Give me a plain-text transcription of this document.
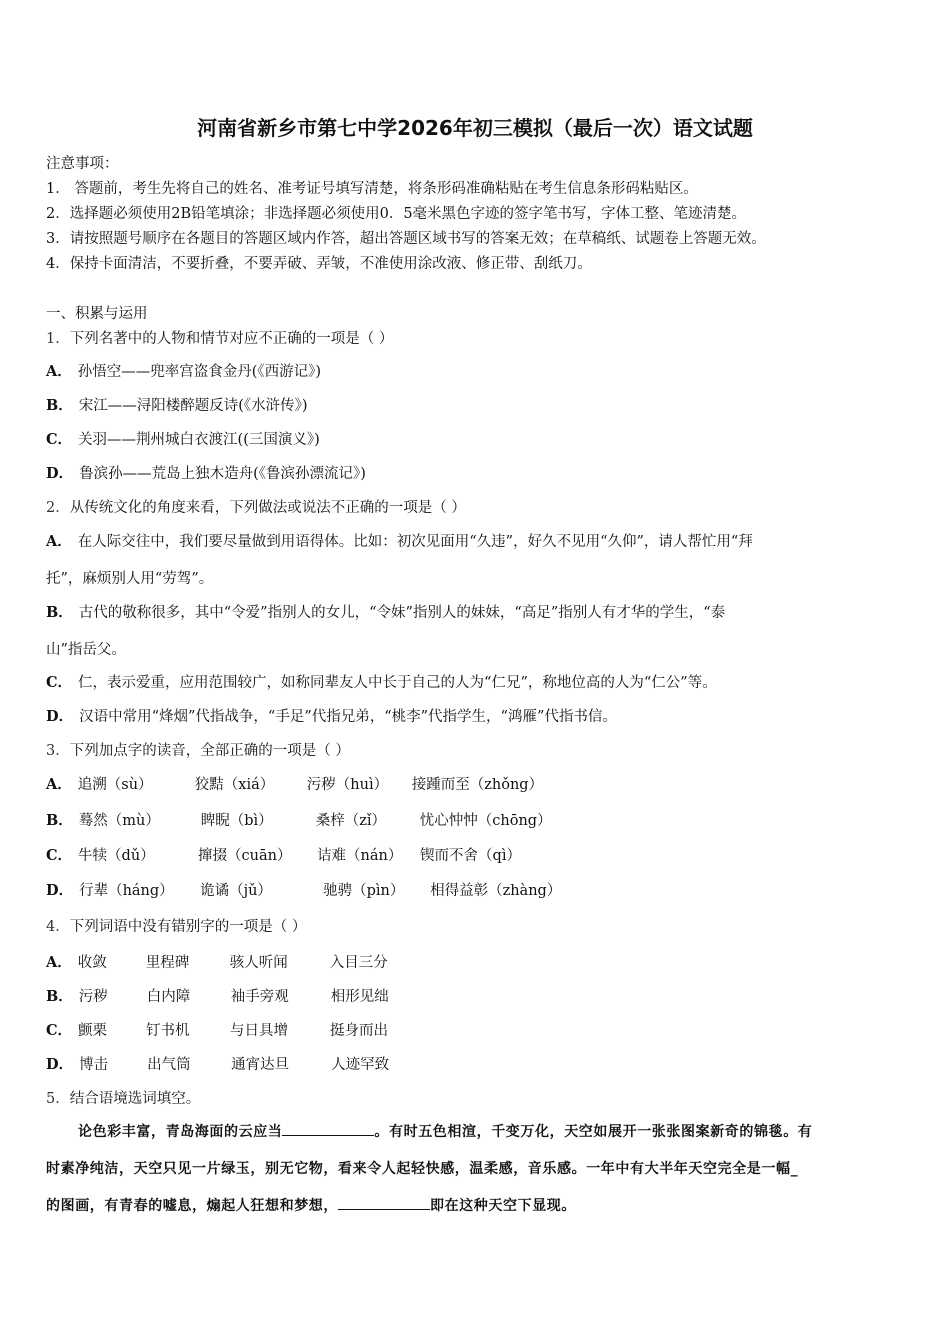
河南省新乡市第七中学2026年初三模拟（最后一次）语文试题
注意事项：
1． 答题前，考生先将自己的姓名、准考证号填写清楚，将条形码准确粘贴在考生信息条形码粘贴区。
2．选择题必须使用2B铅笔填涂；非选择题必须使用0．5毫米黑色字迹的签字笔书写，字体工整、笔迹清楚。
3．请按照题号顺序在各题目的答题区域内作答，超出答题区域书写的答案无效；在草稿纸、试题卷上答题无效。
4．保持卡面清洁，不要折叠，不要弄破、弄皱，不准使用涂改液、修正带、刮纸刀。
一、积累与运用
1．下列名著中的人物和情节对应不正确的一项是（ ）
A． 孙悟空——兜率宫盗食金丹(《西游记》)
B． 宋江——浔阳楼醉题反诗(《水浒传》)
C． 关羽——荆州城白衣渡江((三国演义》)
D． 鲁滨孙——荒岛上独木造舟(《鲁滨孙漂流记》)
2．从传统文化的角度来看，下列做法或说法不正确的一项是（ ）
A． 在人际交往中，我们要尽量做到用语得体。比如：初次见面用“久违”，好久不见用“久仰”，请人帮忙用“拜
托”，麻烦别人用“劳驾”。
B． 古代的敬称很多，其中“令爱”指别人的女儿，“令妹”指别人的妹妹，“高足”指别人有才华的学生，“泰
山”指岳父。
C． 仁，表示爱重，应用范围较广，如称同辈友人中长于自己的人为“仁兄”，称地位高的人为“仁公”等。
D． 汉语中常用“烽烟”代指战争，“手足”代指兄弟，“桃李”代指学生，“鸿雁”代指书信。
3．下列加点字的读音，全部正确的一项是（ ）
A． 追溯（sù）	狡黠（xiá） 污秽（huì） 接踵而至（zhǒng）
B． 蓦然（mù）	睥睨（bì）	桑梓（zǐ） 忧心忡忡（chōng）
C． 牛犊（dǔ）	撺掇（cuān） 诘难（nán） 锲而不舍（qì）
D． 行辈（háng） 诡谲（jǔ）	驰骋（pìn） 相得益彰（zhàng）
4．下列词语中没有错别字的一项是（ ）
A． 收敛	里程碑	骇人听闻	入目三分
B． 污秽	白内障	袖手旁观	相形见绌
C． 颤栗	钉书机	与日具增	挺身而出
D． 博击	出气筒	通宵达旦	人迹罕致
5．结合语境选词填空。
论色彩丰富，青岛海面的云应当	。有时五色相渲，千变万化，天空如展开一张张图案新奇的锦毯。有
时素净纯洁，天空只见一片绿玉，别无它物，看来令人起轻快感，温柔感，音乐感。一年中有大半年天空完全是一幅_
的图画，有青春的嘘息，煽起人狂想和梦想，	即在这种天空下显现。
